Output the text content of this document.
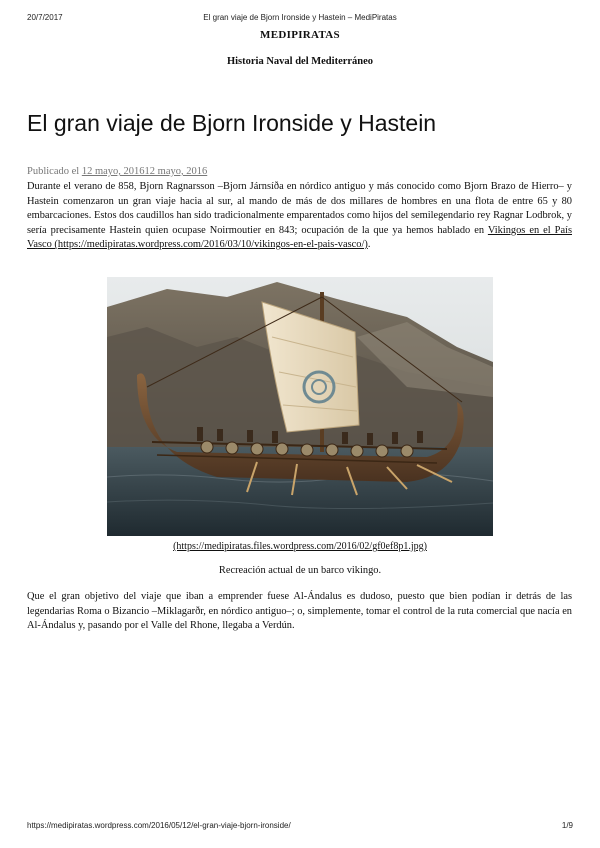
20/7/2017	El gran viaje de Bjorn Ironside y Hastein – MediPiratas
MEDIPIRATAS
Historia Naval del Mediterráneo
El gran viaje de Bjorn Ironside y Hastein
Publicado el 12 mayo, 201612 mayo, 2016

Durante el verano de 858, Bjorn Ragnarsson –Bjorn Járnsíða en nórdico antiguo y más conocido como Bjorn Brazo de Hierro– y Hastein comenzaron un gran viaje hacia al sur, al mando de más de dos millares de hombres en una flota de entre 65 y 80 embarcaciones. Estos dos caudillos han sido tradicionalmente emparentados como hijos del semilegendario rey Ragnar Lodbrok, y sería precisamente Hastein quien ocupase Noirmoutier en 843; ocupación de la que ya hemos hablado en Vikingos en el País Vasco (https://medipiratas.wordpress.com/2016/03/10/vikingos-en-el-pais-vasco/).

(https://medipiratas.files.wordpress.com/2016/02/gf0ef8p1.jpg)
Recreación actual de un barco vikingo.

Que el gran objetivo del viaje que iban a emprender fuese Al-Ándalus es dudoso, puesto que bien podían ir detrás de las legendarias Roma o Bizancio –Miklagarðr, en nórdico antiguo–; o, simplemente, tomar el control de la ruta comercial que nacía en Al-Ándalus y, pasando por el Valle del Rhone, llegaba a Verdún.

https://medipiratas.wordpress.com/2016/05/12/el-gran-viaje-bjorn-ironside/	1/9
